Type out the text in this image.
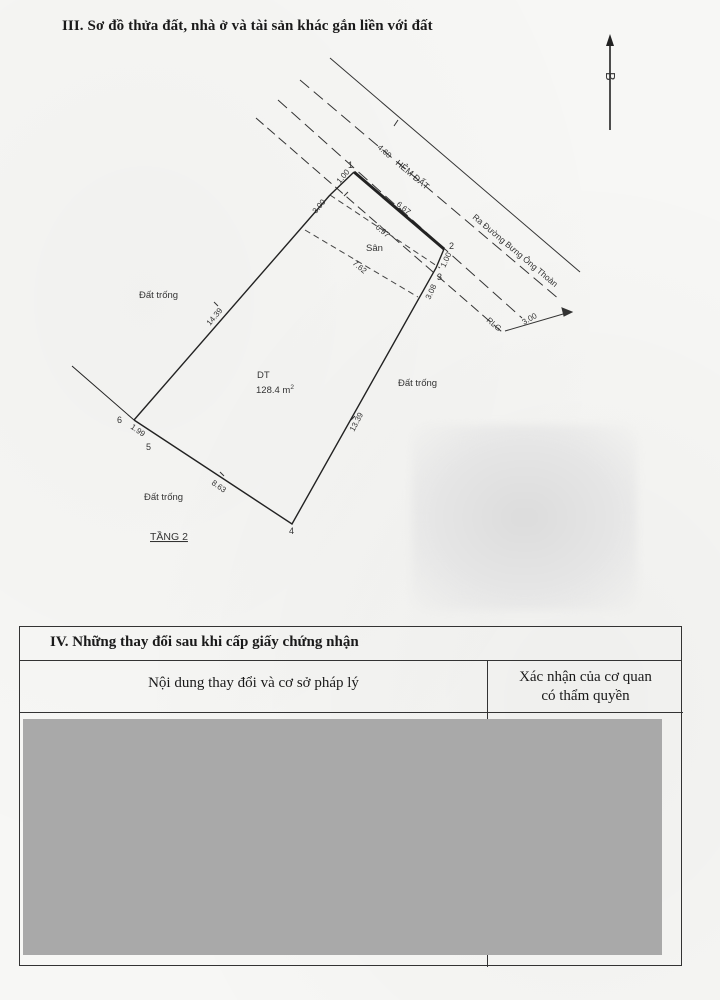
III. Sơ đồ thửa đất, nhà ở và tài sản khác gắn liền với đất
B
1
2
3
4
5
6
4.60
6.67
6.97
7.62
3.00
1.00
1.00
3.08
3.00
14.39
13.39
8.63
1.99
HẺM ĐẤT
Ra Đường Bưng Ông Thoàn
RLG
Sân
DT
128.4 $m^2$
Đất trống
Đất trống
Đất trống
TẦNG 2
IV. Những thay đổi sau khi cấp giấy chứng nhận
Nội dung thay đổi và cơ sở pháp lý	Xác nhận của cơ quan
có thẩm quyền
